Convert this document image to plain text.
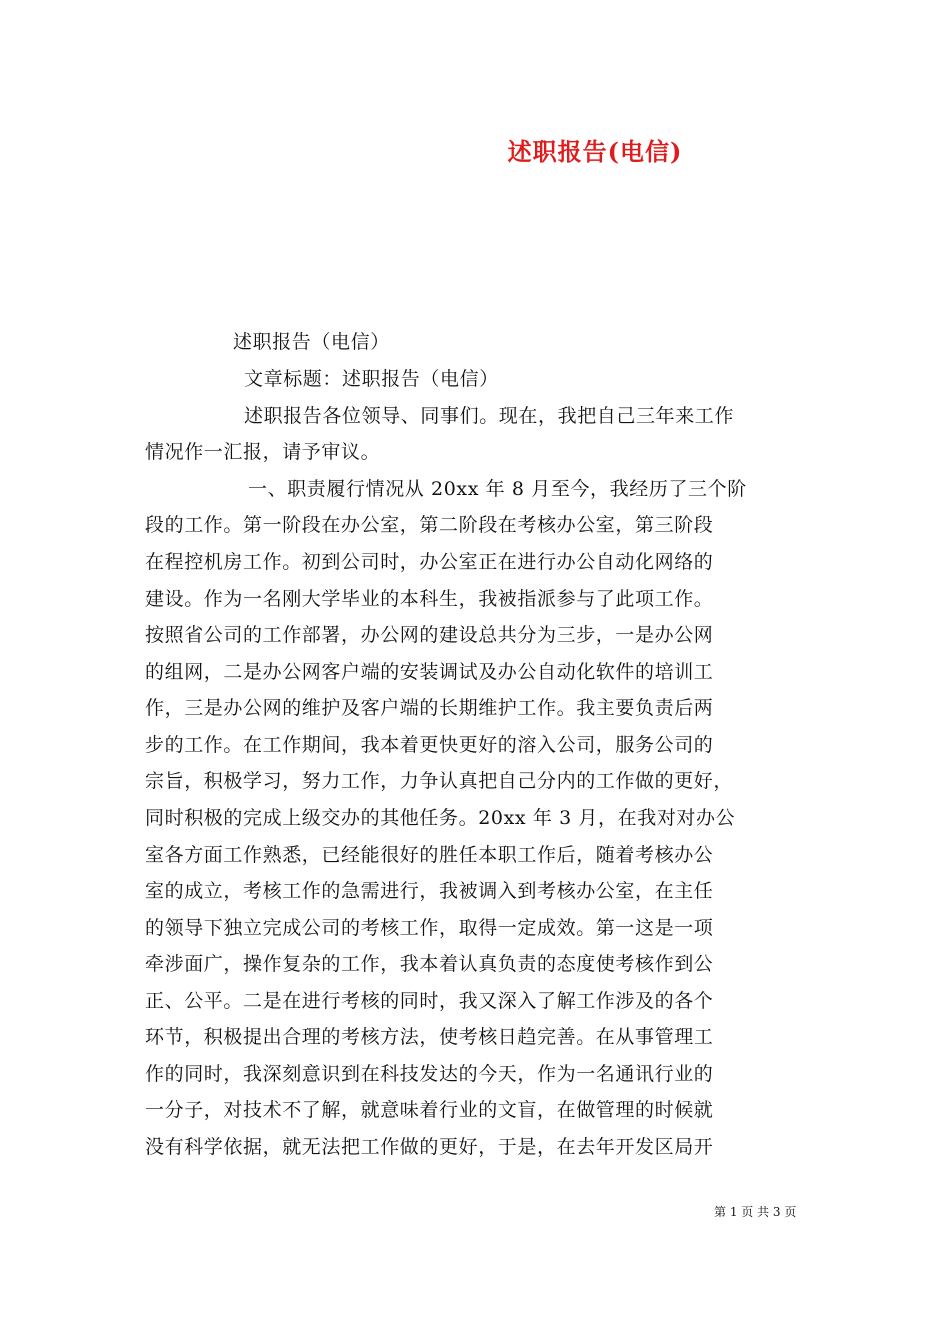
述职报告(电信)
述职报告（电信）
文章标题：述职报告（电信）
述职报告各位领导、同事们。现在，我把自己三年来工作
情况作一汇报，请予审议。
一、职责履行情况从 20xx 年 8 月至今，我经历了三个阶
段的工作。第一阶段在办公室，第二阶段在考核办公室，第三阶段
在程控机房工作。初到公司时，办公室正在进行办公自动化网络的
建设。作为一名刚大学毕业的本科生，我被指派参与了此项工作。
按照省公司的工作部署，办公网的建设总共分为三步，一是办公网
的组网，二是办公网客户端的安装调试及办公自动化软件的培训工
作，三是办公网的维护及客户端的长期维护工作。我主要负责后两
步的工作。在工作期间，我本着更快更好的溶入公司，服务公司的
宗旨，积极学习，努力工作，力争认真把自己分内的工作做的更好，
同时积极的完成上级交办的其他任务。20xx 年 3 月，在我对对办公
室各方面工作熟悉，已经能很好的胜任本职工作后，随着考核办公
室的成立，考核工作的急需进行，我被调入到考核办公室，在主任
的领导下独立完成公司的考核工作，取得一定成效。第一这是一项
牵涉面广，操作复杂的工作，我本着认真负责的态度使考核作到公
正、公平。二是在进行考核的同时，我又深入了解工作涉及的各个
环节，积极提出合理的考核方法，使考核日趋完善。在从事管理工
作的同时，我深刻意识到在科技发达的今天，作为一名通讯行业的
一分子，对技术不了解，就意味着行业的文盲，在做管理的时候就
没有科学依据，就无法把工作做的更好，于是，在去年开发区局开
第 1 页 共 3 页
